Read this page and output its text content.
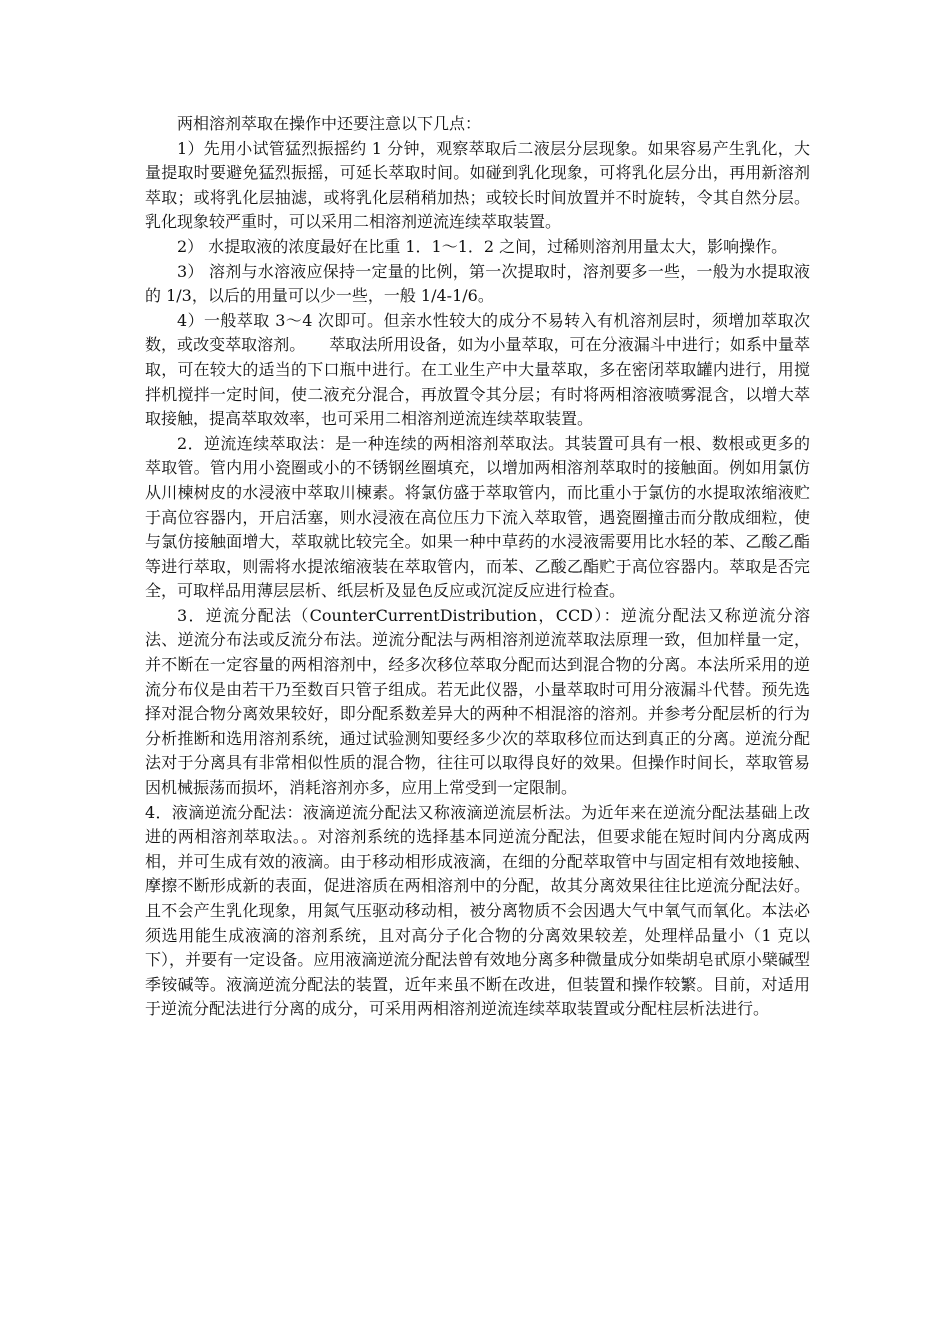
两相溶剂萃取在操作中还要注意以下几点：

1）先用小试管猛烈振摇约 1 分钟，观察萃取后二液层分层现象。如果容易产生乳化，大量提取时要避免猛烈振摇，可延长萃取时间。如碰到乳化现象，可将乳化层分出，再用新溶剂萃取；或将乳化层抽滤，或将乳化层稍稍加热；或较长时间放置并不时旋转，令其自然分层。乳化现象较严重时，可以采用二相溶剂逆流连续萃取装置。

2） 水提取液的浓度最好在比重 1．1～1．2 之间，过稀则溶剂用量太大，影响操作。

3） 溶剂与水溶液应保持一定量的比例，第一次提取时，溶剂要多一些，一般为水提取液的 1/3，以后的用量可以少一些，一般 1/4-1/6。

4）一般萃取 3～4 次即可。但亲水性较大的成分不易转入有机溶剂层时，须增加萃取次数，或改变萃取溶剂。　　萃取法所用设备，如为小量萃取，可在分液漏斗中进行；如系中量萃取，可在较大的适当的下口瓶中进行。在工业生产中大量萃取，多在密闭萃取罐内进行，用搅拌机搅拌一定时间，使二液充分混合，再放置令其分层；有时将两相溶液喷雾混含，以增大萃取接触，提高萃取效率，也可采用二相溶剂逆流连续萃取装置。

2．逆流连续萃取法：是一种连续的两相溶剂萃取法。其装置可具有一根、数根或更多的萃取管。管内用小瓷圈或小的不锈钢丝圈填充，以增加两相溶剂萃取时的接触面。例如用氯仿从川楝树皮的水浸液中萃取川楝素。将氯仿盛于萃取管内，而比重小于氯仿的水提取浓缩液贮于高位容器内，开启活塞，则水浸液在高位压力下流入萃取管，遇瓷圈撞击而分散成细粒，使与氯仿接触面增大，萃取就比较完全。如果一种中草药的水浸液需要用比水轻的苯、乙酸乙酯等进行萃取，则需将水提浓缩液装在萃取管内，而苯、乙酸乙酯贮于高位容器内。萃取是否完全，可取样品用薄层层析、纸层析及显色反应或沉淀反应进行检查。

3．逆流分配法（CounterCurrentDistribution，CCD）：逆流分配法又称逆流分溶法、逆流分布法或反流分布法。逆流分配法与两相溶剂逆流萃取法原理一致，但加样量一定，并不断在一定容量的两相溶剂中，经多次移位萃取分配而达到混合物的分离。本法所采用的逆流分布仪是由若干乃至数百只管子组成。若无此仪器，小量萃取时可用分液漏斗代替。预先选择对混合物分离效果较好，即分配系数差异大的两种不相混溶的溶剂。并参考分配层析的行为分析推断和选用溶剂系统，通过试验测知要经多少次的萃取移位而达到真正的分离。逆流分配法对于分离具有非常相似性质的混合物，往往可以取得良好的效果。但操作时间长，萃取管易因机械振荡而损坏，消耗溶剂亦多，应用上常受到一定限制。

4．液滴逆流分配法：液滴逆流分配法又称液滴逆流层析法。为近年来在逆流分配法基础上改进的两相溶剂萃取法。。对溶剂系统的选择基本同逆流分配法，但要求能在短时间内分离成两相，并可生成有效的液滴。由于移动相形成液滴，在细的分配萃取管中与固定相有效地接触、摩擦不断形成新的表面，促进溶质在两相溶剂中的分配，故其分离效果往往比逆流分配法好。且不会产生乳化现象，用氮气压驱动移动相，被分离物质不会因遇大气中氧气而氧化。本法必须选用能生成液滴的溶剂系统，且对高分子化合物的分离效果较差，处理样品量小（1 克以下），并要有一定设备。应用液滴逆流分配法曾有效地分离多种微量成分如柴胡皂甙原小檗碱型季铵碱等。液滴逆流分配法的装置，近年来虽不断在改进，但装置和操作较繁。目前，对适用于逆流分配法进行分离的成分，可采用两相溶剂逆流连续萃取装置或分配柱层析法进行。
